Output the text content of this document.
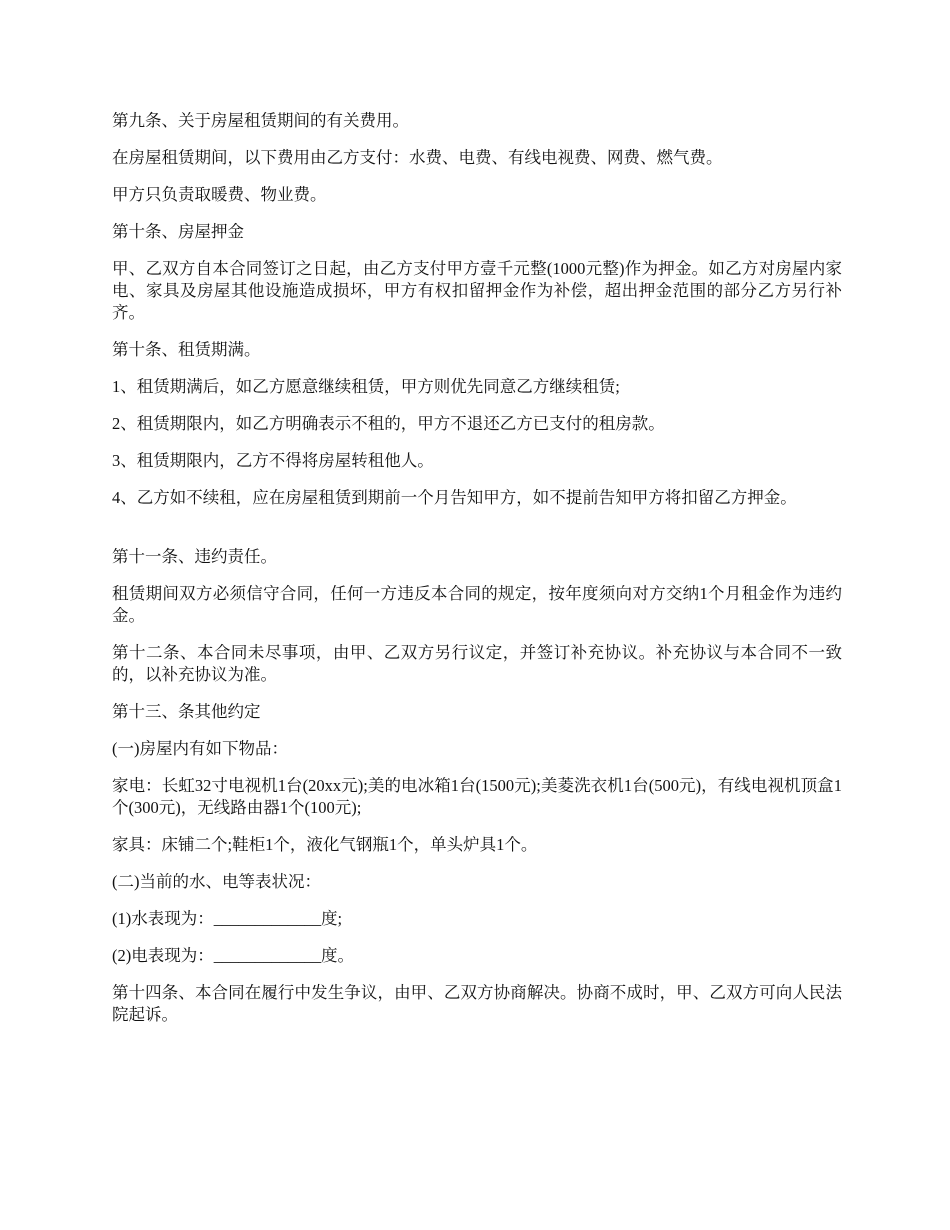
第九条、关于房屋租赁期间的有关费用。

在房屋租赁期间，以下费用由乙方支付：水费、电费、有线电视费、网费、燃气费。

甲方只负责取暖费、物业费。

第十条、房屋押金

甲、乙双方自本合同签订之日起，由乙方支付甲方壹千元整(1000元整)作为押金。如乙方对房屋内家电、家具及房屋其他设施造成损坏，甲方有权扣留押金作为补偿，超出押金范围的部分乙方另行补齐。

第十条、租赁期满。

1、租赁期满后，如乙方愿意继续租赁，甲方则优先同意乙方继续租赁;

2、租赁期限内，如乙方明确表示不租的，甲方不退还乙方已支付的租房款。

3、租赁期限内，乙方不得将房屋转租他人。

4、乙方如不续租，应在房屋租赁到期前一个月告知甲方，如不提前告知甲方将扣留乙方押金。

第十一条、违约责任。

租赁期间双方必须信守合同，任何一方违反本合同的规定，按年度须向对方交纳1个月租金作为违约金。

第十二条、本合同未尽事项，由甲、乙双方另行议定，并签订补充协议。补充协议与本合同不一致的，以补充协议为准。

第十三、条其他约定

(一)房屋内有如下物品：

家电：长虹32寸电视机1台(20xx元);美的电冰箱1台(1500元);美菱洗衣机1台(500元)，有线电视机顶盒1个(300元)，无线路由器1个(100元);

家具：床铺二个;鞋柜1个，液化气钢瓶1个，单头炉具1个。

(二)当前的水、电等表状况：

(1)水表现为：_____________度;

(2)电表现为：_____________度。

第十四条、本合同在履行中发生争议，由甲、乙双方协商解决。协商不成时，甲、乙双方可向人民法院起诉。
